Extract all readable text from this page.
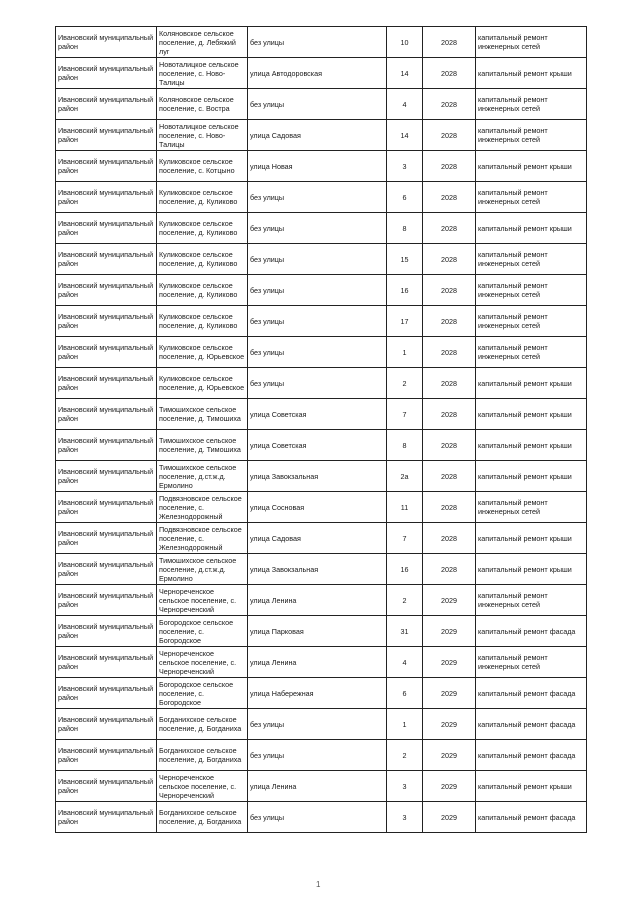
Ивановский муниципальный район	Коляновское сельское поселение, д. Лебяжий луг	без улицы	10	2028	капитальный ремонт инженерных сетей
Ивановский муниципальный район	Новоталицкое сельское поселение, с. Ново-Талицы	улица Автодоровская	14	2028	капитальный ремонт крыши
Ивановский муниципальный район	Коляновское сельское поселение, с. Востра	без улицы	4	2028	капитальный ремонт инженерных сетей
Ивановский муниципальный район	Новоталицкое сельское поселение, с. Ново-Талицы	улица Садовая	14	2028	капитальный ремонт инженерных сетей
Ивановский муниципальный район	Куликовское сельское поселение, с. Котцыно	улица Новая	3	2028	капитальный ремонт крыши
Ивановский муниципальный район	Куликовское сельское поселение, д. Куликово	без улицы	6	2028	капитальный ремонт инженерных сетей
Ивановский муниципальный район	Куликовское сельское поселение, д. Куликово	без улицы	8	2028	капитальный ремонт крыши
Ивановский муниципальный район	Куликовское сельское поселение, д. Куликово	без улицы	15	2028	капитальный ремонт инженерных сетей
Ивановский муниципальный район	Куликовское сельское поселение, д. Куликово	без улицы	16	2028	капитальный ремонт инженерных сетей
Ивановский муниципальный район	Куликовское сельское поселение, д. Куликово	без улицы	17	2028	капитальный ремонт инженерных сетей
Ивановский муниципальный район	Куликовское сельское поселение, д. Юрьевское	без улицы	1	2028	капитальный ремонт инженерных сетей
Ивановский муниципальный район	Куликовское сельское поселение, д. Юрьевское	без улицы	2	2028	капитальный ремонт крыши
Ивановский муниципальный район	Тимошихское сельское поселение, д. Тимошиха	улица Советская	7	2028	капитальный ремонт крыши
Ивановский муниципальный район	Тимошихское сельское поселение, д. Тимошиха	улица Советская	8	2028	капитальный ремонт крыши
Ивановский муниципальный район	Тимошихское сельское поселение, д.ст.ж.д. Ермолино	улица Завокзальная	2а	2028	капитальный ремонт крыши
Ивановский муниципальный район	Подвязновское сельское поселение, с. Железнодорожный	улица Сосновая	11	2028	капитальный ремонт инженерных сетей
Ивановский муниципальный район	Подвязновское сельское поселение, с. Железнодорожный	улица Садовая	7	2028	капитальный ремонт крыши
Ивановский муниципальный район	Тимошихское сельское поселение, д.ст.ж.д. Ермолино	улица Завокзальная	16	2028	капитальный ремонт крыши
Ивановский муниципальный район	Чернореченское сельское поселение, с. Чернореченский	улица Ленина	2	2029	капитальный ремонт инженерных сетей
Ивановский муниципальный район	Богородское сельское поселение, с. Богородское	улица Парковая	31	2029	капитальный ремонт фасада
Ивановский муниципальный район	Чернореченское сельское поселение, с. Чернореченский	улица Ленина	4	2029	капитальный ремонт инженерных сетей
Ивановский муниципальный район	Богородское сельское поселение, с. Богородское	улица Набережная	6	2029	капитальный ремонт фасада
Ивановский муниципальный район	Богданихское сельское поселение, д. Богданиха	без улицы	1	2029	капитальный ремонт фасада
Ивановский муниципальный район	Богданихское сельское поселение, д. Богданиха	без улицы	2	2029	капитальный ремонт фасада
Ивановский муниципальный район	Чернореченское сельское поселение, с. Чернореченский	улица Ленина	3	2029	капитальный ремонт крыши
Ивановский муниципальный район	Богданихское сельское поселение, д. Богданиха	без улицы	3	2029	капитальный ремонт фасада
1
